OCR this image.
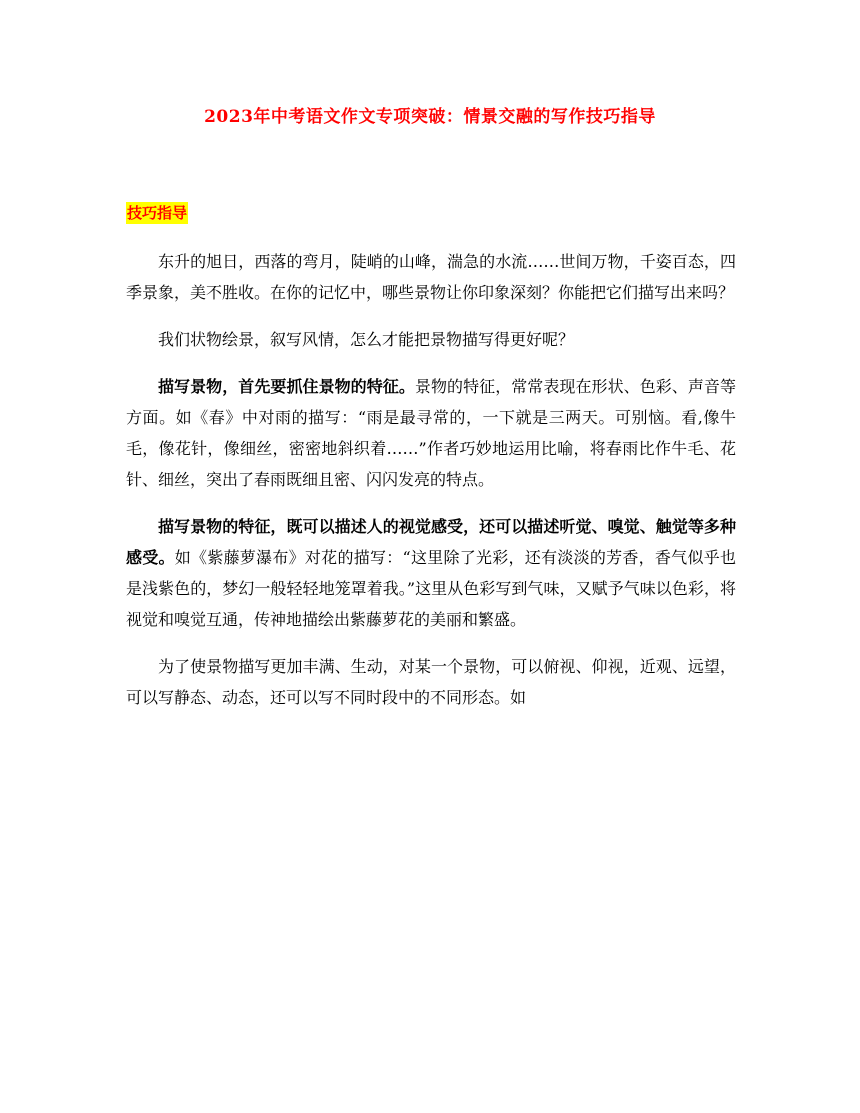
2023年中考语文作文专项突破：情景交融的写作技巧指导
技巧指导

东升的旭日，西落的弯月，陡峭的山峰，湍急的水流……世间万物，千姿百态，四季景象，美不胜收。在你的记忆中，哪些景物让你印象深刻？你能把它们描写出来吗？

我们状物绘景，叙写风情，怎么才能把景物描写得更好呢？

描写景物，首先要抓住景物的特征。景物的特征，常常表现在形状、色彩、声音等方面。如《春》中对雨的描写：“雨是最寻常的，一下就是三两天。可别恼。看,像牛毛，像花针，像细丝，密密地斜织着……”作者巧妙地运用比喻，将春雨比作牛毛、花针、细丝，突出了春雨既细且密、闪闪发亮的特点。

描写景物的特征，既可以描述人的视觉感受，还可以描述听觉、嗅觉、触觉等多种感受。如《紫藤萝瀑布》对花的描写：“这里除了光彩，还有淡淡的芳香，香气似乎也是浅紫色的，梦幻一般轻轻地笼罩着我。”这里从色彩写到气味，又赋予气味以色彩，将视觉和嗅觉互通，传神地描绘出紫藤萝花的美丽和繁盛。

为了使景物描写更加丰满、生动，对某一个景物，可以俯视、仰视，近观、远望，可以写静态、动态，还可以写不同时段中的不同形态。如
